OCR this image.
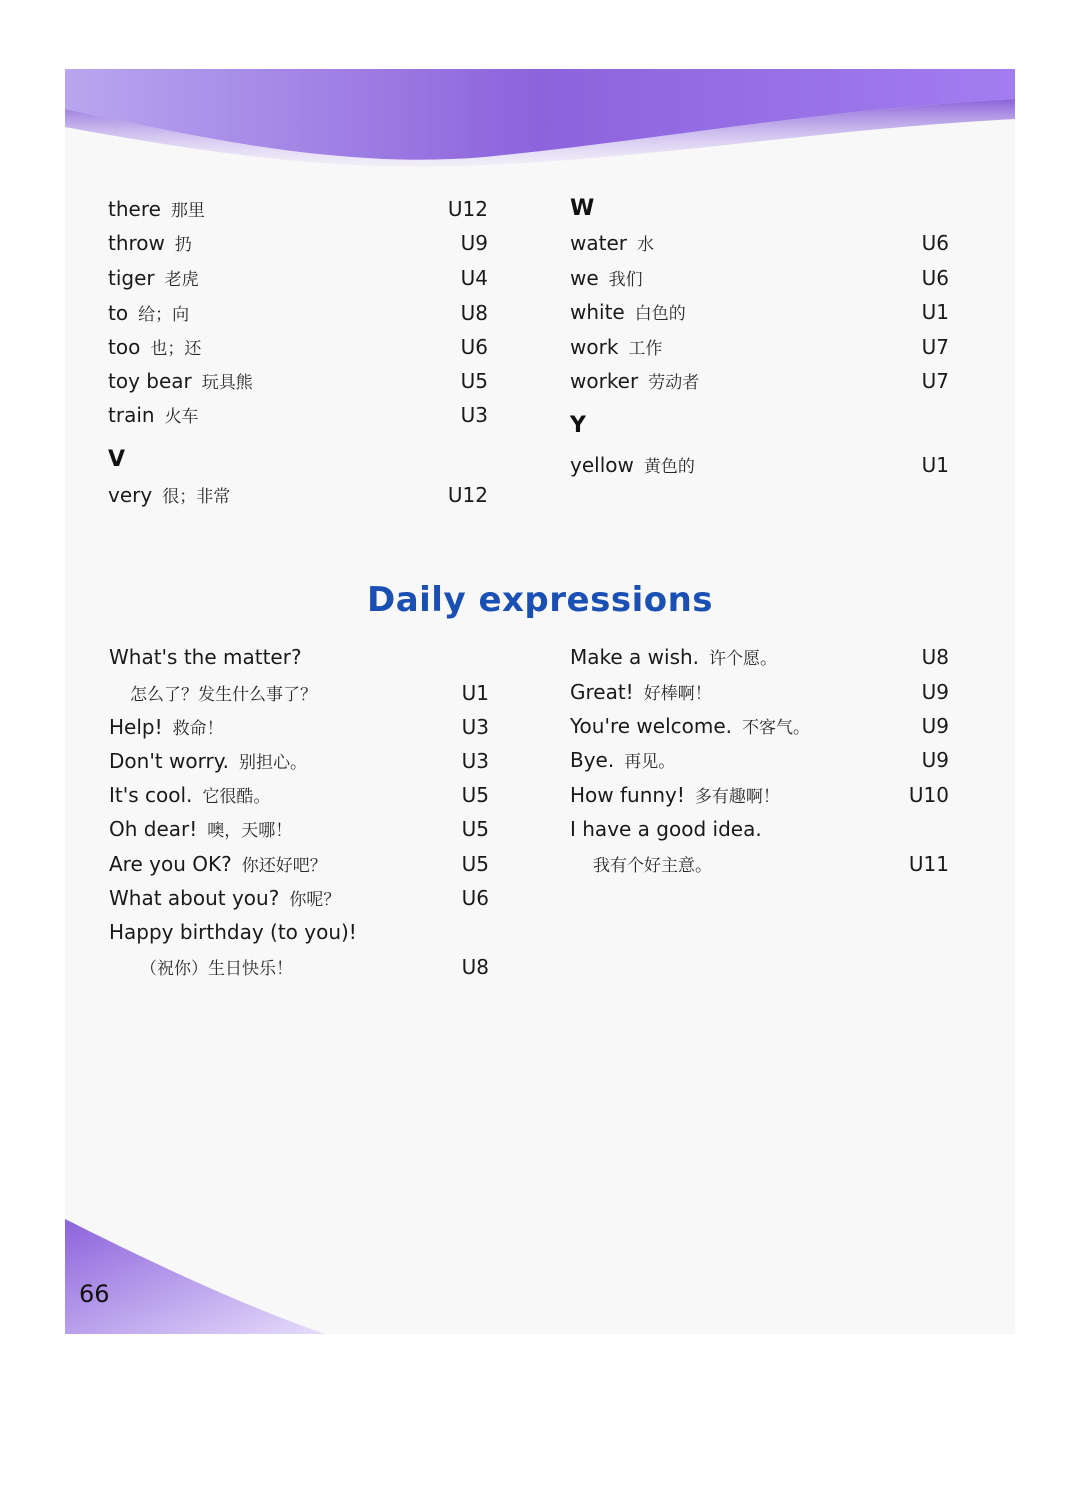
there 那里	U12
throw 扔	U9
tiger 老虎	U4
to 给；向	U8
too 也；还	U6
toy bear 玩具熊	U5
train 火车	U3
V
very 很；非常	U12
W
water 水	U6
we 我们	U6
white 白色的	U1
work 工作	U7
worker 劳动者	U7
Y
yellow 黄色的	U1
Daily expressions
What's the matter?
怎么了？发生什么事了？	U1
Help! 救命！	U3
Don't worry. 别担心。	U3
It's cool. 它很酷。	U5
Oh dear! 噢，天哪！	U5
Are you OK? 你还好吧？	U5
What about you? 你呢？	U6
Happy birthday (to you)!
（祝你）生日快乐！	U8
Make a wish. 许个愿。	U8
Great! 好棒啊！	U9
You're welcome. 不客气。	U9
Bye. 再见。	U9
How funny! 多有趣啊！	U10
I have a good idea.
我有个好主意。	U11
66
